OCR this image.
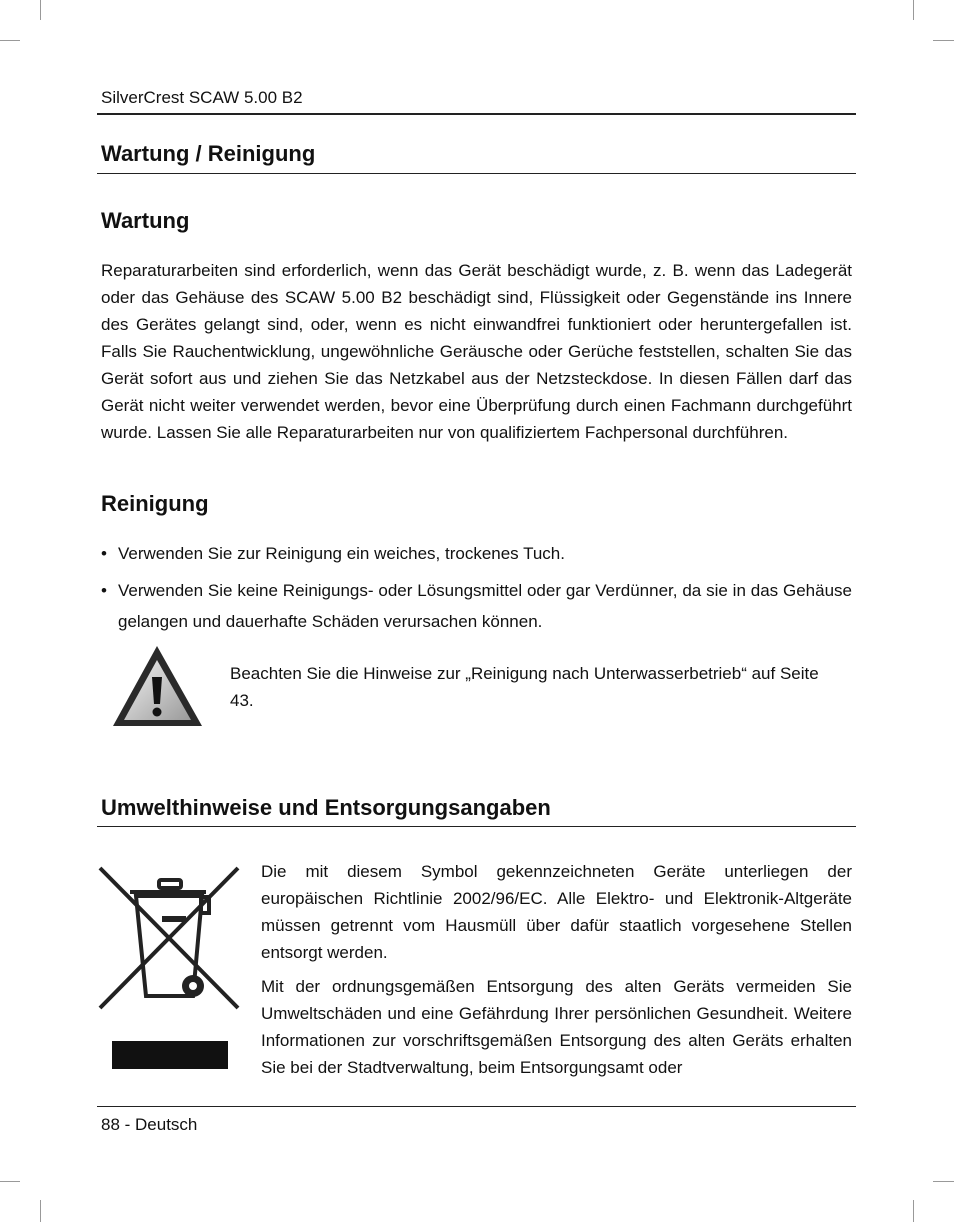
SilverCrest SCAW 5.00 B2
Wartung / Reinigung
Wartung

Reparaturarbeiten sind erforderlich, wenn das Gerät beschädigt wurde, z. B. wenn das Ladegerät oder das Gehäuse des SCAW 5.00 B2 beschädigt sind, Flüssigkeit oder Gegenstände ins Innere des Gerätes gelangt sind, oder, wenn es nicht einwandfrei funktioniert oder heruntergefallen ist. Falls Sie Rauchentwicklung, ungewöhnliche Geräusche oder Gerüche feststellen, schalten Sie das Gerät sofort aus und ziehen Sie das Netzkabel aus der Netzsteckdose. In diesen Fällen darf das Gerät nicht weiter verwendet werden, bevor eine Überprüfung durch einen Fachmann durchgeführt wurde. Lassen Sie alle Reparaturarbeiten nur von qualifiziertem Fachpersonal durchführen.

Reinigung
• Verwenden Sie zur Reinigung ein weiches, trockenes Tuch.
• Verwenden Sie keine Reinigungs- oder Lösungsmittel oder gar Verdünner, da sie in das Gehäuse gelangen und dauerhafte Schäden verursachen können.
Beachten Sie die Hinweise zur „Reinigung nach Unterwasserbetrieb“ auf Seite 43.
Umwelthinweise und Entsorgungsangaben

Die mit diesem Symbol gekennzeichneten Geräte unterliegen der europäischen Richtlinie 2002/96/EC. Alle Elektro- und Elektronik-Altgeräte müssen getrennt vom Hausmüll über dafür staatlich vorgesehene Stellen entsorgt werden.

Mit der ordnungsgemäßen Entsorgung des alten Geräts vermeiden Sie Umweltschäden und eine Gefährdung Ihrer persönlichen Gesundheit. Weitere Informationen zur vorschriftsgemäßen Entsorgung des alten Geräts erhalten Sie bei der Stadtverwaltung, beim Entsorgungsamt oder

88 - Deutsch
